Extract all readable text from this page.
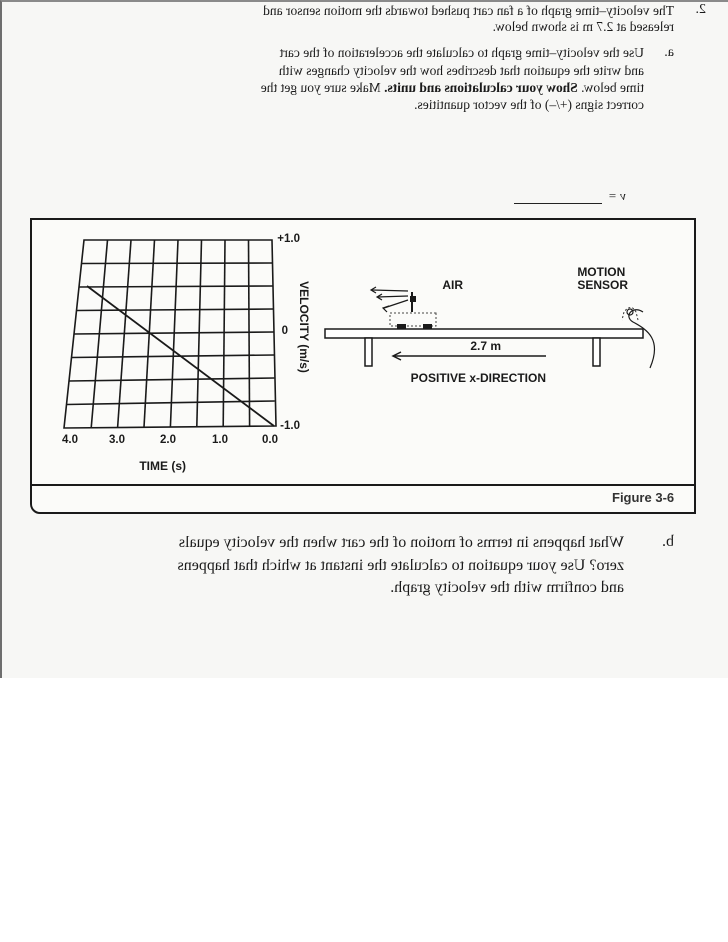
2.
The velocity–time graph of a fan cart pushed towards the motion sensor and
released at 2.7 m is shown below.
a.
Use the velocity–time graph to calculate the acceleration of the cart
and write the equation that describes how the velocity changes with
time below. Show your calculations and units. Make sure you get the
correct signs (+/–) of the vector quantities.
v =
Figure 3-6
MOTION
SENSOR
AIR
2.7 m
POSITIVE x-DIRECTION
+1.0
0
-1.0
0.0
1.0
2.0
3.0
4.0
TIME (s)
VELOCITY (m/s)
b.
What happens in terms of motion of the cart when the velocity equals
zero? Use your equation to calculate the instant at which that happens
and confirm with the velocity graph.
